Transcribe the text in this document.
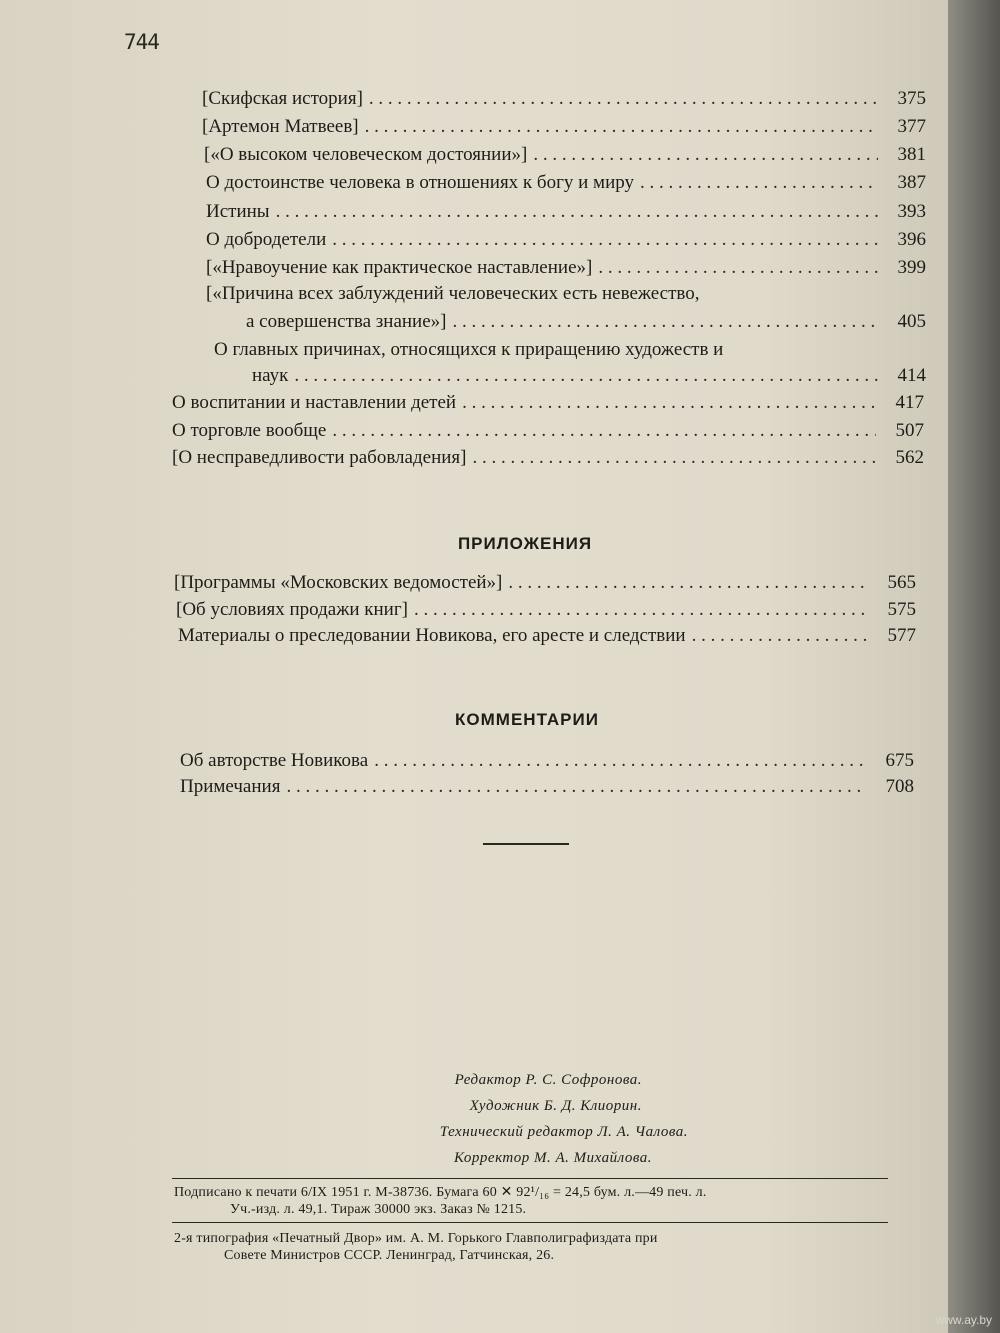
744
[Скифская история] . . .	375
[Артемон Матвеев] . . .	377
[«О высоком человеческом достоянии»] . . .	381
О достоинстве человека в отношениях к богу и миру . . .	387
Истины . . .	393
О добродетели . . .	396
[«Нравоучение как практическое наставление»] . . .	399
[«Причина всех заблуждений человеческих есть невежество,
а совершенства знание»] . . .	405
О главных причинах, относящихся к приращению художеств и
наук . . .	414
О воспитании и наставлении детей . . .	417
О торговле вообще . . .	507
[О несправедливости рабовладения] . . .	562
ПРИЛОЖЕНИЯ
[Программы «Московских ведомостей»] . . .	565
[Об условиях продажи книг] . . .	575
Материалы о преследовании Новикова, его аресте и следствии . . .	577
КОММЕНТАРИИ
Об авторстве Новикова . . .	675
Примечания . . .	708
Редактор Р. С. Софронова.
Художник Б. Д. Клиорин.
Технический редактор Л. А. Чалова.
Корректор М. А. Михайлова.
Подписано к печати 6/IX 1951 г. М-38736. Бумага 60 ✕ 92¹/₁₆ = 24,5 бум. л.—49 печ. л.
Уч.-изд. л. 49,1. Тираж 30000 экз. Заказ № 1215.
2-я типография «Печатный Двор» им. А. М. Горького Главполиграфиздата при
Совете Министров СССР. Ленинград, Гатчинская, 26.
www.ay.by
